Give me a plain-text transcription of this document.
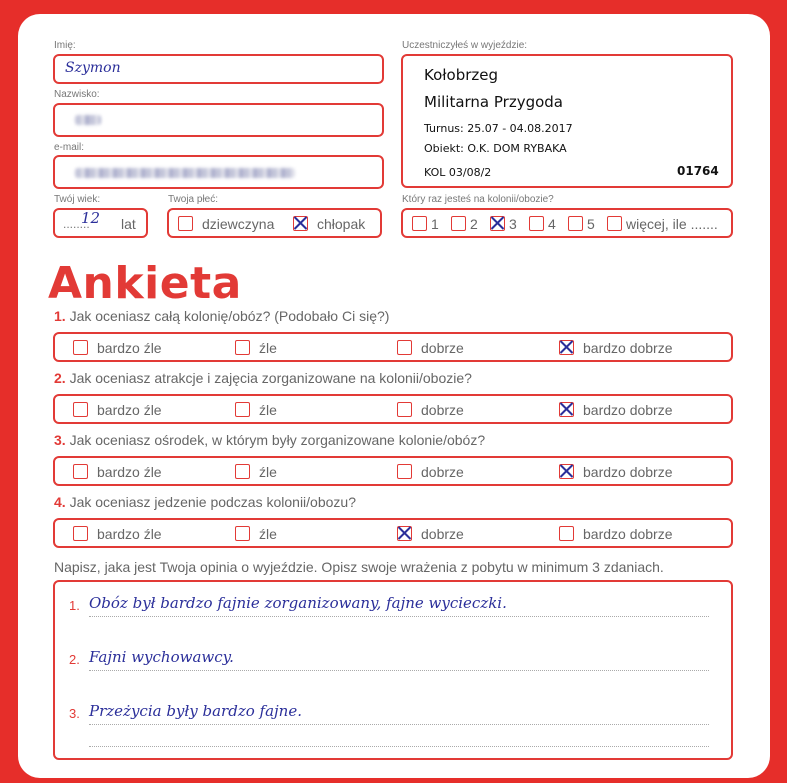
Imię:
Szymon
Nazwisko:
e-mail:
Twój wiek:
........
12 lat
Twoja płeć:
dziewczyna	chłopak
Uczestniczyłeś w wyjeździe:
Kołobrzeg
Militarna Przygoda
Turnus: 25.07 - 04.08.2017
Obiekt: O.K. DOM RYBAKA
KOL 03/08/2	01764
Który raz jesteś na kolonii/obozie?
1 2 3 4 5 więcej, ile .......
Ankieta
1. Jak oceniasz całą kolonię/obóz? (Podobało Ci się?)
bardzo źle	źle	dobrze	bardzo dobrze
2. Jak oceniasz atrakcje i zajęcia zorganizowane na kolonii/obozie?
bardzo źle	źle	dobrze	bardzo dobrze
3. Jak oceniasz ośrodek, w którym były zorganizowane kolonie/obóz?
bardzo źle	źle	dobrze	bardzo dobrze
4. Jak oceniasz jedzenie podczas kolonii/obozu?
bardzo źle	źle	dobrze	bardzo dobrze
Napisz, jaka jest Twoja opinia o wyjeździe. Opisz swoje wrażenia z pobytu w minimum 3 zdaniach.
1. Obóz był bardzo fajnie zorganizowany, fajne wycieczki.
2. Fajni wychowawcy.
3. Przeżycia były bardzo fajne.
